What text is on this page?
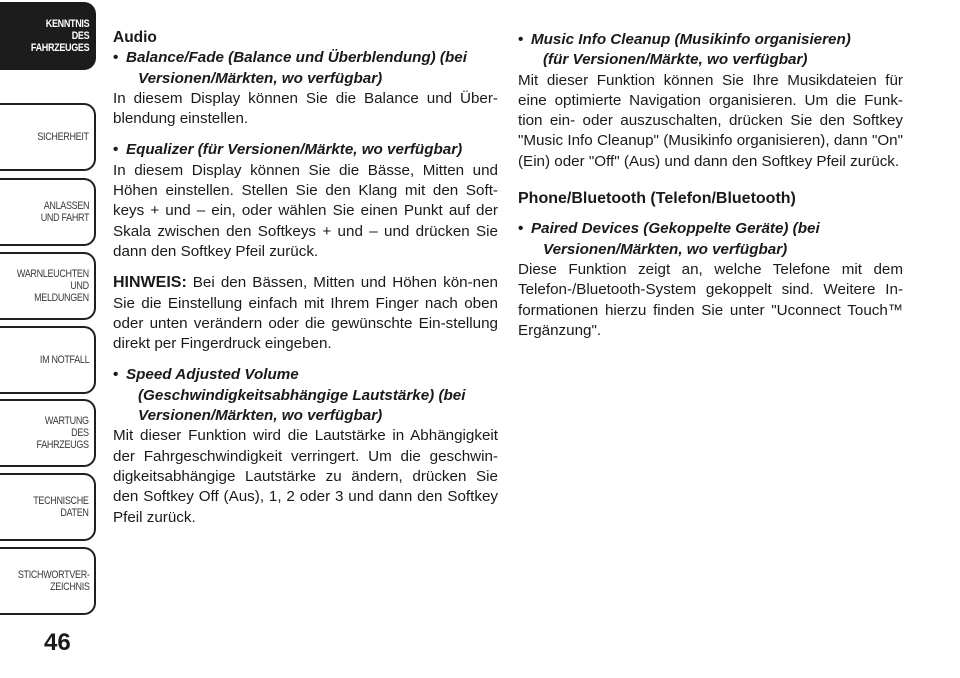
KENNTNIS
DES
FAHRZEUGES
SICHERHEIT
ANLASSEN
UND FAHRT
WARNLEUCHTEN
UND
MELDUNGEN
IM NOTFALL
WARTUNG
DES
FAHRZEUGS
TECHNISCHE
DATEN
STICHWORTVER-
ZEICHNIS
46

Audio

• Balance/Fade (Balance und Überblendung) (bei
Versionen/Märkten, wo verfügbar)

In diesem Display können Sie die Balance und Über-blendung einstellen.

• Equalizer (für Versionen/Märkte, wo verfügbar)

In diesem Display können Sie die Bässe, Mitten und Höhen einstellen. Stellen Sie den Klang mit den Soft-keys + und – ein, oder wählen Sie einen Punkt auf der Skala zwischen den Softkeys + und – und drücken Sie dann den Softkey Pfeil zurück.

HINWEIS: Bei den Bässen, Mitten und Höhen kön-nen Sie die Einstellung einfach mit Ihrem Finger nach oben oder unten verändern oder die gewünschte Ein-stellung direkt per Fingerdruck eingeben.

• Speed Adjusted Volume
(Geschwindigkeitsabhängige Lautstärke) (bei
Versionen/Märkten, wo verfügbar)

Mit dieser Funktion wird die Lautstärke in Abhängigkeit der Fahrgeschwindigkeit verringert. Um die geschwin-digkeitsabhängige Lautstärke zu ändern, drücken Sie den Softkey Off (Aus), 1, 2 oder 3 und dann den Softkey Pfeil zurück.

• Music Info Cleanup (Musikinfo organisieren)
(für Versionen/Märkte, wo verfügbar)

Mit dieser Funktion können Sie Ihre Musikdateien für eine optimierte Navigation organisieren. Um die Funk-tion ein- oder auszuschalten, drücken Sie den Softkey "Music Info Cleanup" (Musikinfo organisieren), dann "On" (Ein) oder "Off" (Aus) und dann den Softkey Pfeil zurück.

Phone/Bluetooth (Telefon/Bluetooth)

• Paired Devices (Gekoppelte Geräte) (bei
Versionen/Märkten, wo verfügbar)

Diese Funktion zeigt an, welche Telefone mit dem Telefon-/Bluetooth-System gekoppelt sind. Weitere In-formationen hierzu finden Sie unter "Uconnect Touch™ Ergänzung".
